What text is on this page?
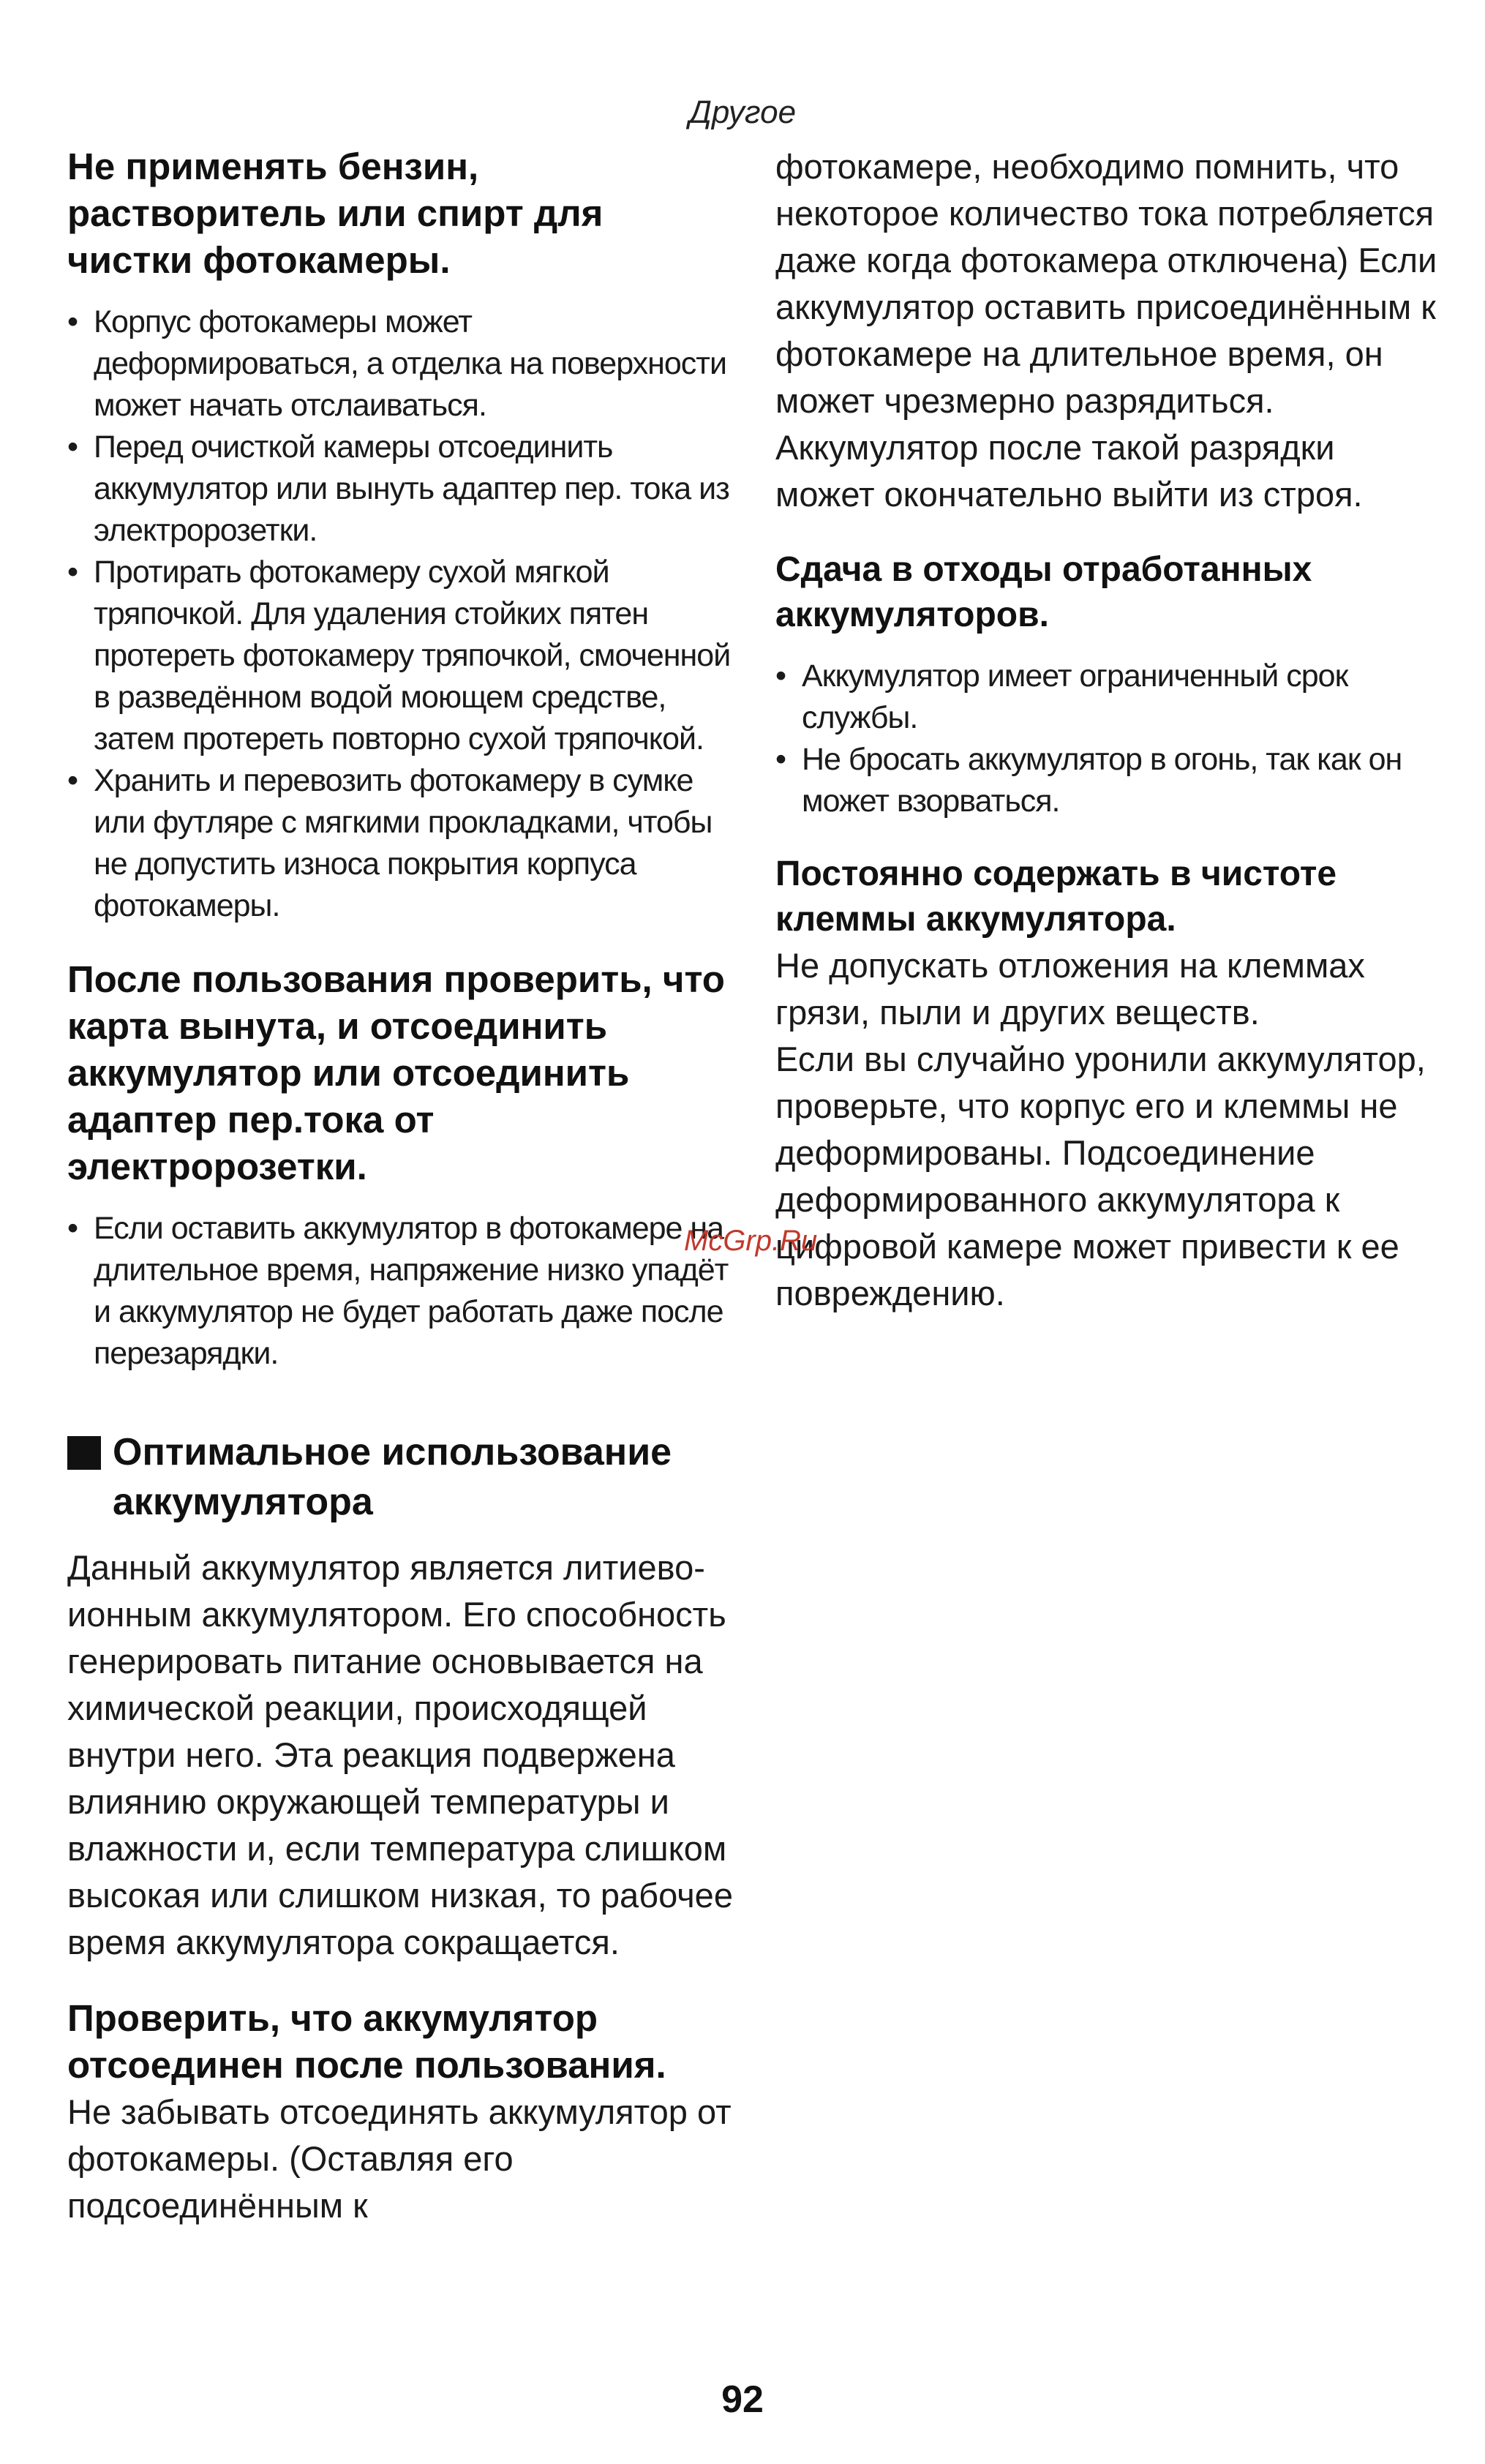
Другое
Не применять бензин, растворитель или спирт для чистки фотокамеры.
• Корпус фотокамеры может деформироваться, а отделка на поверхности может начать отслаиваться.
• Перед очисткой камеры отсоединить аккумулятор или вынуть адаптер пер. тока из электророзетки.
• Протирать фотокамеру сухой мягкой тряпочкой. Для удаления стойких пятен протереть фотокамеру тряпочкой, смоченной в разведённом водой моющем средстве, затем протереть повторно сухой тряпочкой.
• Хранить и перевозить фотокамеру в сумке или футляре с мягкими прокладками, чтобы не допустить износа покрытия корпуса фотокамеры.
После пользования проверить, что карта вынута, и отсоединить аккумулятор или отсоединить адаптер пер.тока от электророзетки.
• Если оставить аккумулятор в фотокамере на длительное время, напряжение низко упадёт и аккумулятор не будет работать даже после перезарядки.
Оптимальное использование аккумулятора

Данный аккумулятор является литиево-ионным аккумулятором. Его способность генерировать питание основывается на химической реакции, происходящей внутри него. Эта реакция подвержена влиянию окружающей температуры и влажности и, если температура слишком высокая или слишком низкая, то рабочее время аккумулятора сокращается.

Проверить, что аккумулятор отсоединен после пользования.

Не забывать отсоединять аккумулятор от фотокамеры. (Оставляя его подсоединённым к

фотокамере, необходимо помнить, что некоторое количество тока потребляется даже когда фотокамера отключена) Если аккумулятор оставить присоединённым к фотокамере на длительное время, он может чрезмерно разрядиться. Аккумулятор после такой разрядки может окончательно выйти из строя.

Сдача в отходы отработанных аккумуляторов.
• Аккумулятор имеет ограниченный срок службы.
• Не бросать аккумулятор в огонь, так как он может взорваться.
Постоянно содержать в чистоте клеммы аккумулятора.

Не допускать отложения на клеммах грязи, пыли и других веществ.

Если вы случайно уронили аккумулятор, проверьте, что корпус его и клеммы не деформированы. Подсоединение деформированного аккумулятора к цифровой камере может привести к ее повреждению.

McGrp.Ru
92
